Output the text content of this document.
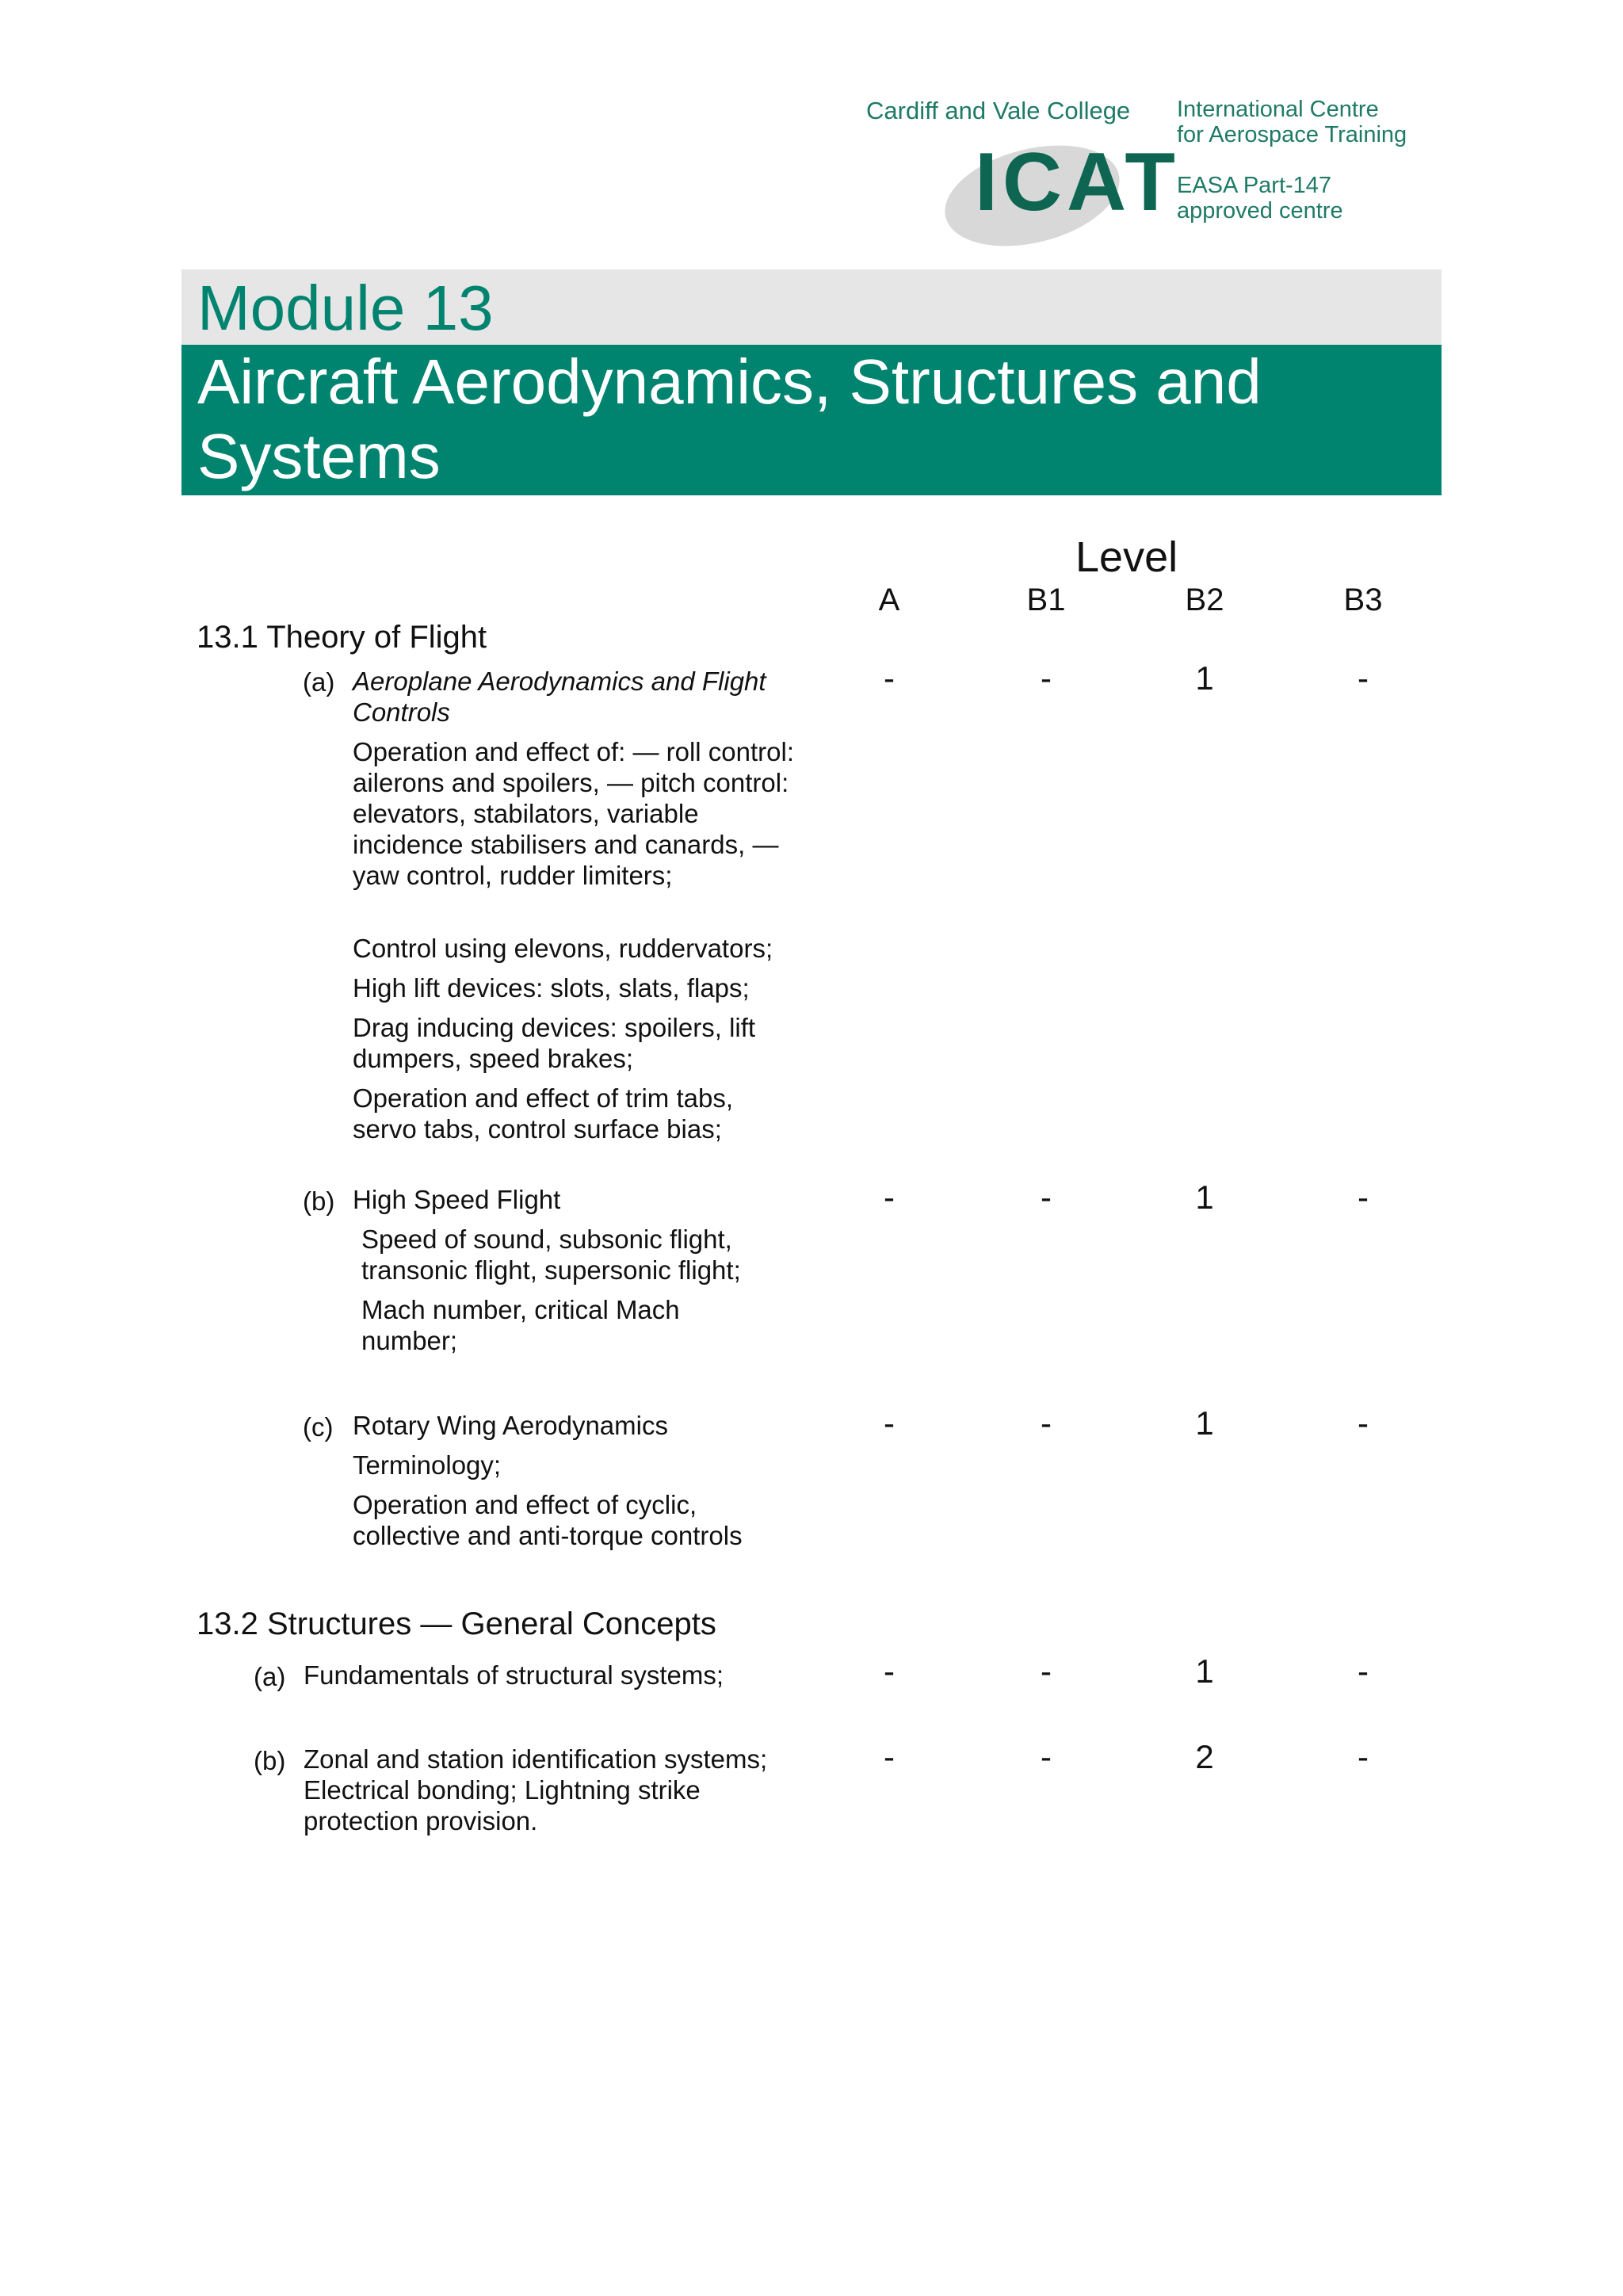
Cardiff and Vale College
ICAT
International Centre
for Aerospace Training
EASA Part-147
approved centre
Module 13
Aircraft Aerodynamics, Structures and Systems
Level
A	B1	B2	B3
13.1 Theory of Flight
(a) Aeroplane Aerodynamics and Flight Controls
Operation and effect of: — roll control: ailerons and spoilers, — pitch control: elevators, stabilators, variable incidence stabilisers and canards, — yaw control, rudder limiters;
Control using elevons, ruddervators;
High lift devices: slots, slats, flaps;
Drag inducing devices: spoilers, lift dumpers, speed brakes;
Operation and effect of trim tabs, servo tabs, control surface bias;
-	-	1	-
(b) High Speed Flight
Speed of sound, subsonic flight, transonic flight, supersonic flight;
Mach number, critical Mach number;
-	-	1	-
(c) Rotary Wing Aerodynamics
Terminology;
Operation and effect of cyclic, collective and anti-torque controls
-	-	1	-
13.2 Structures — General Concepts
(a) Fundamentals of structural systems;	-	-	1	-
(b) Zonal and station identification systems; Electrical bonding; Lightning strike protection provision.
-	-	2	-
